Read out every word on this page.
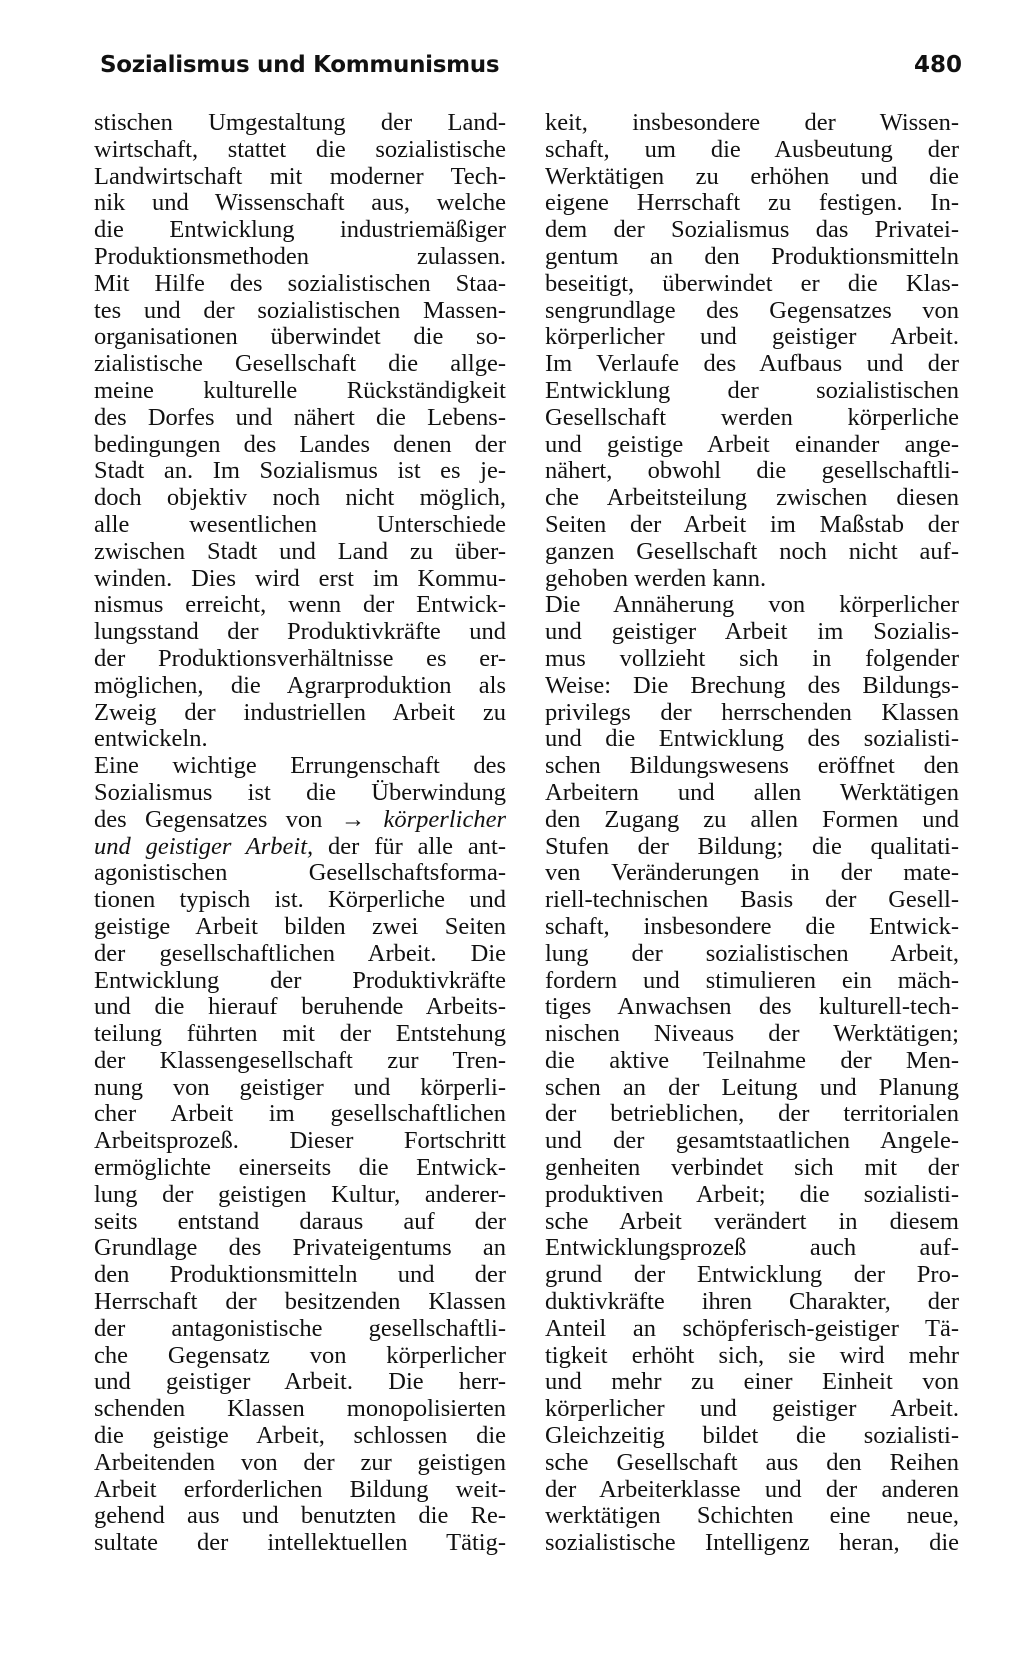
Sozialismus und Kommunismus	480
stischen Umgestaltung der Land-
wirtschaft, stattet die sozialistische
Landwirtschaft mit moderner Tech-
nik und Wissenschaft aus, welche
die Entwicklung industriemäßiger
Produktionsmethoden zulassen.
Mit Hilfe des sozialistischen Staa-
tes und der sozialistischen Massen-
organisationen überwindet die so-
zialistische Gesellschaft die allge-
meine kulturelle Rückständigkeit
des Dorfes und nähert die Lebens-
bedingungen des Landes denen der
Stadt an. Im Sozialismus ist es je-
doch objektiv noch nicht möglich,
alle wesentlichen Unterschiede
zwischen Stadt und Land zu über-
winden. Dies wird erst im Kommu-
nismus erreicht, wenn der Entwick-
lungsstand der Produktivkräfte und
der Produktionsverhältnisse es er-
möglichen, die Agrarproduktion als
Zweig der industriellen Arbeit zu
entwickeln.
Eine wichtige Errungenschaft des
Sozialismus ist die Überwindung
des Gegensatzes von → körperlicher
und geistiger Arbeit, der für alle ant-
agonistischen Gesellschaftsforma-
tionen typisch ist. Körperliche und
geistige Arbeit bilden zwei Seiten
der gesellschaftlichen Arbeit. Die
Entwicklung der Produktivkräfte
und die hierauf beruhende Arbeits-
teilung führten mit der Entstehung
der Klassengesellschaft zur Tren-
nung von geistiger und körperli-
cher Arbeit im gesellschaftlichen
Arbeitsprozeß. Dieser Fortschritt
ermöglichte einerseits die Entwick-
lung der geistigen Kultur, anderer-
seits entstand daraus auf der
Grundlage des Privateigentums an
den Produktionsmitteln und der
Herrschaft der besitzenden Klassen
der antagonistische gesellschaftli-
che Gegensatz von körperlicher
und geistiger Arbeit. Die herr-
schenden Klassen monopolisierten
die geistige Arbeit, schlossen die
Arbeitenden von der zur geistigen
Arbeit erforderlichen Bildung weit-
gehend aus und benutzten die Re-
sultate der intellektuellen Tätig-
keit, insbesondere der Wissen-
schaft, um die Ausbeutung der
Werktätigen zu erhöhen und die
eigene Herrschaft zu festigen. In-
dem der Sozialismus das Privatei-
gentum an den Produktionsmitteln
beseitigt, überwindet er die Klas-
sengrundlage des Gegensatzes von
körperlicher und geistiger Arbeit.
Im Verlaufe des Aufbaus und der
Entwicklung der sozialistischen
Gesellschaft werden körperliche
und geistige Arbeit einander ange-
nähert, obwohl die gesellschaftli-
che Arbeitsteilung zwischen diesen
Seiten der Arbeit im Maßstab der
ganzen Gesellschaft noch nicht auf-
gehoben werden kann.
Die Annäherung von körperlicher
und geistiger Arbeit im Sozialis-
mus vollzieht sich in folgender
Weise: Die Brechung des Bildungs-
privilegs der herrschenden Klassen
und die Entwicklung des sozialisti-
schen Bildungswesens eröffnet den
Arbeitern und allen Werktätigen
den Zugang zu allen Formen und
Stufen der Bildung; die qualitati-
ven Veränderungen in der mate-
riell-technischen Basis der Gesell-
schaft, insbesondere die Entwick-
lung der sozialistischen Arbeit,
fordern und stimulieren ein mäch-
tiges Anwachsen des kulturell-tech-
nischen Niveaus der Werktätigen;
die aktive Teilnahme der Men-
schen an der Leitung und Planung
der betrieblichen, der territorialen
und der gesamtstaatlichen Angele-
genheiten verbindet sich mit der
produktiven Arbeit; die sozialisti-
sche Arbeit verändert in diesem
Entwicklungsprozeß auch auf-
grund der Entwicklung der Pro-
duktivkräfte ihren Charakter, der
Anteil an schöpferisch-geistiger Tä-
tigkeit erhöht sich, sie wird mehr
und mehr zu einer Einheit von
körperlicher und geistiger Arbeit.
Gleichzeitig bildet die sozialisti-
sche Gesellschaft aus den Reihen
der Arbeiterklasse und der anderen
werktätigen Schichten eine neue,
sozialistische Intelligenz heran, die
